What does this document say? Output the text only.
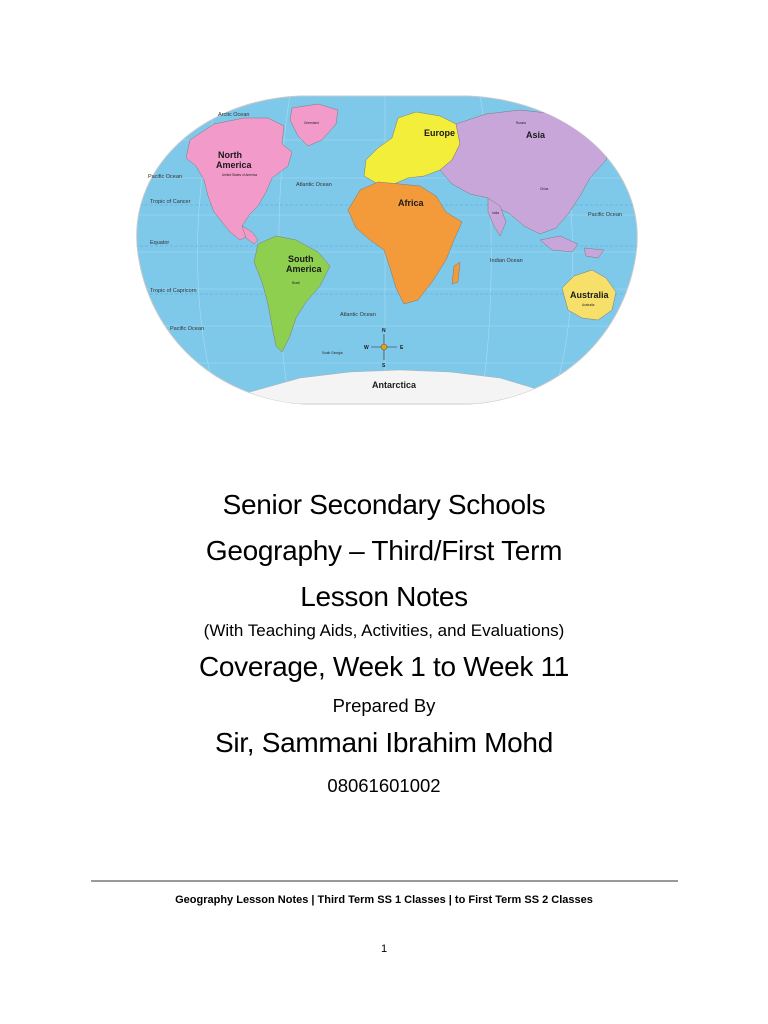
N
S
E
W
North
America
South
America
Europe	Asia
Africa
Australia
Antarctica
Arctic Ocean
Pacific Ocean
Pacific Ocean
Pacific Ocean
Atlantic Ocean
Atlantic Ocean
Indian Ocean
Tropic of Cancer
Equator
Tropic of Capricorn
Greenland
United States of America
Brazil
Russia
China
India
Australia
South Georgia

Senior Secondary Schools

Geography – Third/First Term

Lesson Notes

(With Teaching Aids, Activities, and Evaluations)

Coverage, Week 1 to Week 11

Prepared By

Sir, Sammani Ibrahim Mohd

08061601002

Geography Lesson Notes | Third Term SS 1 Classes | to First Term SS 2 Classes
1
